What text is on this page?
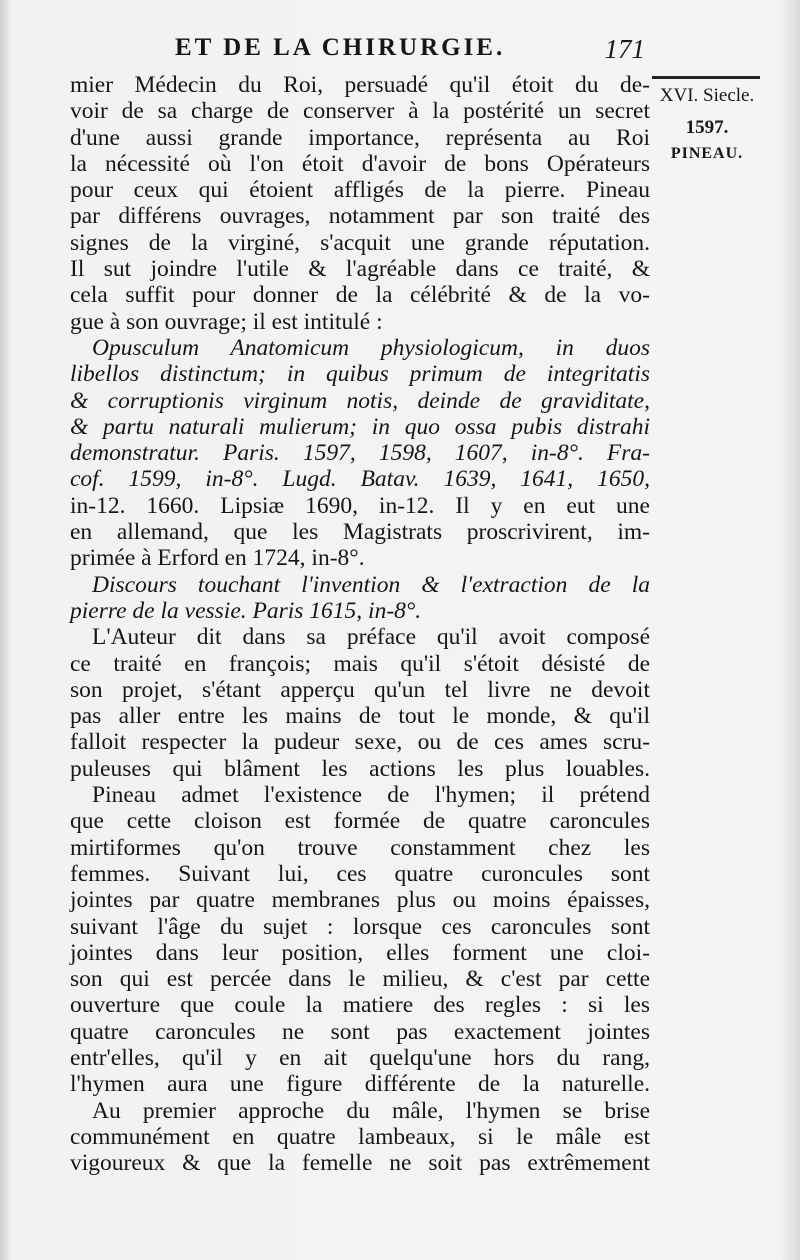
ET DE LA CHIRURGIE.	171
XVI. Siecle.
1597.
PINEAU.
mier Médecin du Roi, persuadé qu'il étoit du de-
voir de sa charge de conserver à la postérité un secret
d'une aussi grande importance, représenta au Roi
la nécessité où l'on étoit d'avoir de bons Opérateurs
pour ceux qui étoient affligés de la pierre. Pineau
par différens ouvrages, notamment par son traité des
signes de la virginé, s'acquit une grande réputation.
Il sut joindre l'utile & l'agréable dans ce traité, &
cela suffit pour donner de la célébrité & de la vo-
gue à son ouvrage; il est intitulé :
Opusculum Anatomicum physiologicum, in duos
libellos distinctum; in quibus primum de integritatis
& corruptionis virginum notis, deinde de graviditate,
& partu naturali mulierum; in quo ossa pubis distrahi
demonstratur. Paris. 1597, 1598, 1607, in-8°. Fra-
cof. 1599, in-8°. Lugd. Batav. 1639, 1641, 1650,
in-12. 1660. Lipsiæ 1690, in-12. Il y en eut une
en allemand, que les Magistrats proscrivirent, im-
primée à Erford en 1724, in-8°.
Discours touchant l'invention & l'extraction de la
pierre de la vessie. Paris 1615, in-8°.
L'Auteur dit dans sa préface qu'il avoit composé
ce traité en françois; mais qu'il s'étoit désisté de
son projet, s'étant apperçu qu'un tel livre ne devoit
pas aller entre les mains de tout le monde, & qu'il
falloit respecter la pudeur sexe, ou de ces ames scru-
puleuses qui blâment les actions les plus louables.
Pineau admet l'existence de l'hymen; il prétend
que cette cloison est formée de quatre caroncules
mirtiformes qu'on trouve constamment chez les
femmes. Suivant lui, ces quatre curoncules sont
jointes par quatre membranes plus ou moins épaisses,
suivant l'âge du sujet : lorsque ces caroncules sont
jointes dans leur position, elles forment une cloi-
son qui est percée dans le milieu, & c'est par cette
ouverture que coule la matiere des regles : si les
quatre caroncules ne sont pas exactement jointes
entr'elles, qu'il y en ait quelqu'une hors du rang,
l'hymen aura une figure différente de la naturelle.
Au premier approche du mâle, l'hymen se brise
communément en quatre lambeaux, si le mâle est
vigoureux & que la femelle ne soit pas extrêmement
